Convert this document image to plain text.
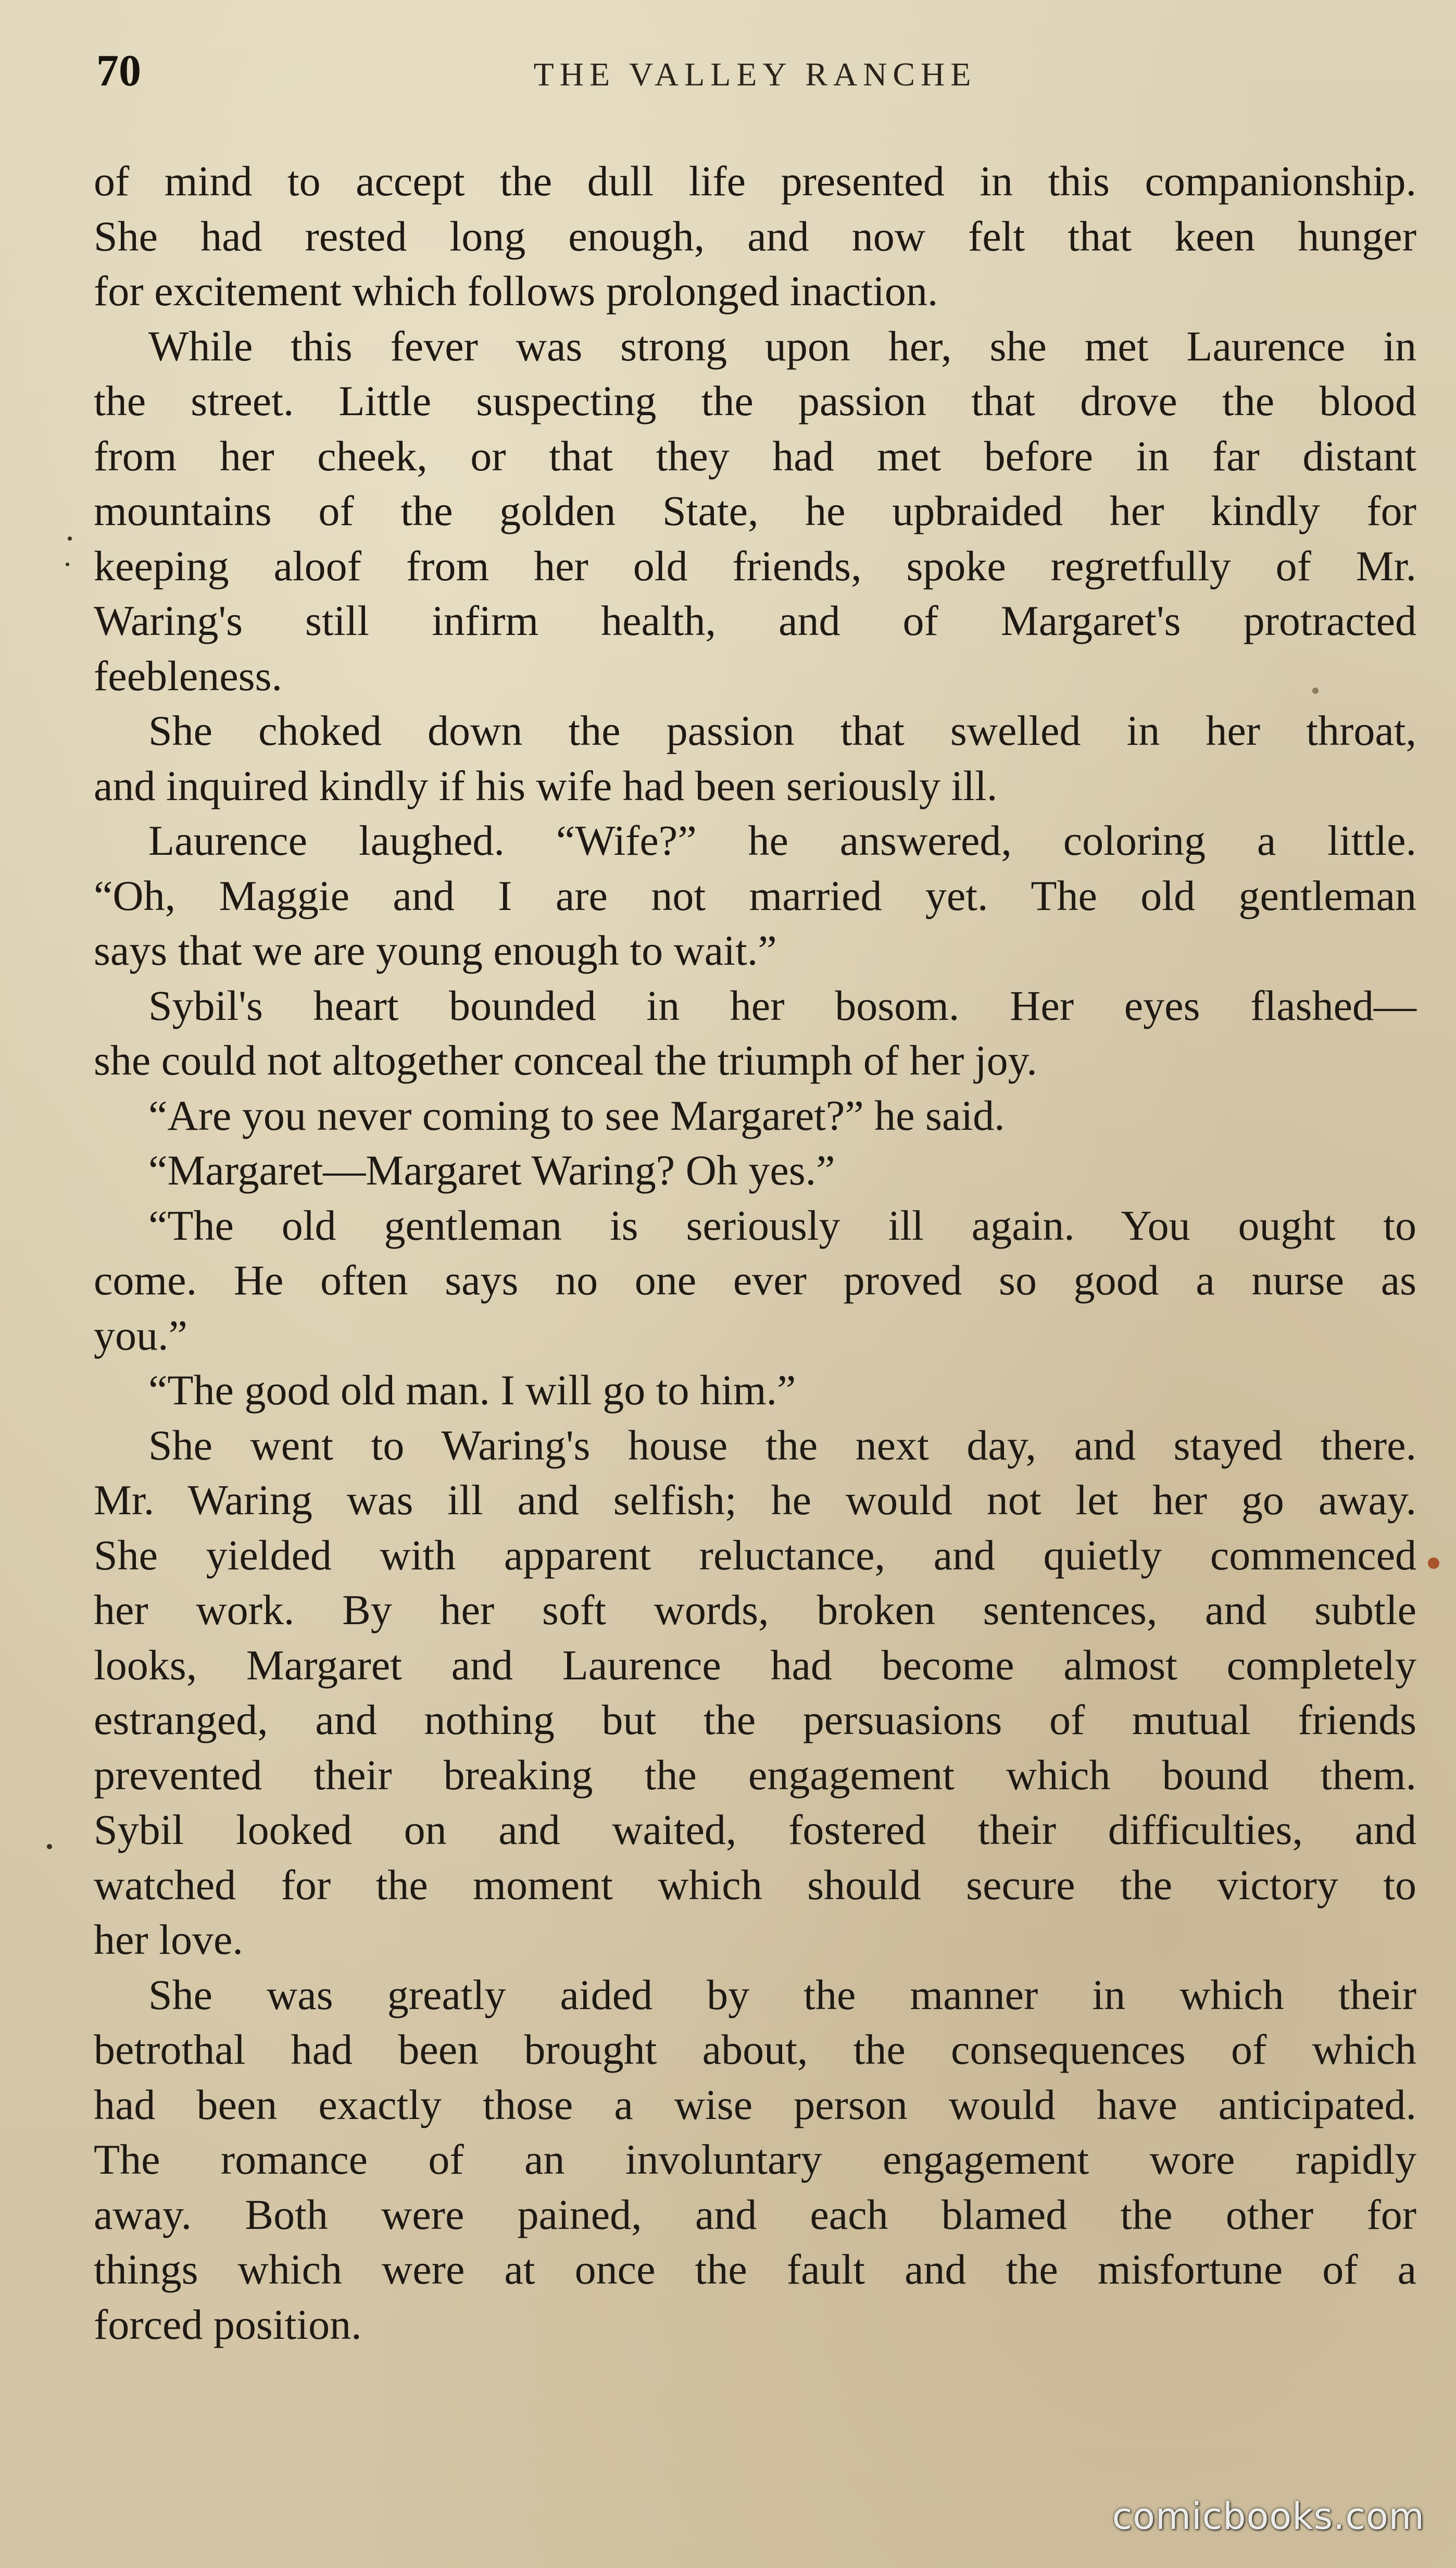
70	THE VALLEY RANCHE
of mind to accept the dull life presented in this companionship.
She had rested long enough, and now felt that keen hunger
for excitement which follows prolonged inaction.
While this fever was strong upon her, she met Laurence in
the street. Little suspecting the passion that drove the blood
from her cheek, or that they had met before in far distant
mountains of the golden State, he upbraided her kindly for
keeping aloof from her old friends, spoke regretfully of Mr.
Waring's still infirm health, and of Margaret's protracted
feebleness.
She choked down the passion that swelled in her throat,
and inquired kindly if his wife had been seriously ill.
Laurence laughed. “Wife?” he answered, coloring a little.
“Oh, Maggie and I are not married yet. The old gentleman
says that we are young enough to wait.”
Sybil's heart bounded in her bosom. Her eyes flashed—
she could not altogether conceal the triumph of her joy.
“Are you never coming to see Margaret?” he said.
“Margaret—Margaret Waring? Oh yes.”
“The old gentleman is seriously ill again. You ought to
come. He often says no one ever proved so good a nurse as
you.”
“The good old man. I will go to him.”
She went to Waring's house the next day, and stayed there.
Mr. Waring was ill and selfish; he would not let her go away.
She yielded with apparent reluctance, and quietly commenced
her work. By her soft words, broken sentences, and subtle
looks, Margaret and Laurence had become almost completely
estranged, and nothing but the persuasions of mutual friends
prevented their breaking the engagement which bound them.
Sybil looked on and waited, fostered their difficulties, and
watched for the moment which should secure the victory to
her love.
She was greatly aided by the manner in which their
betrothal had been brought about, the consequences of which
had been exactly those a wise person would have anticipated.
The romance of an involuntary engagement wore rapidly
away. Both were pained, and each blamed the other for
things which were at once the fault and the misfortune of a
forced position.
comicbooks.com
